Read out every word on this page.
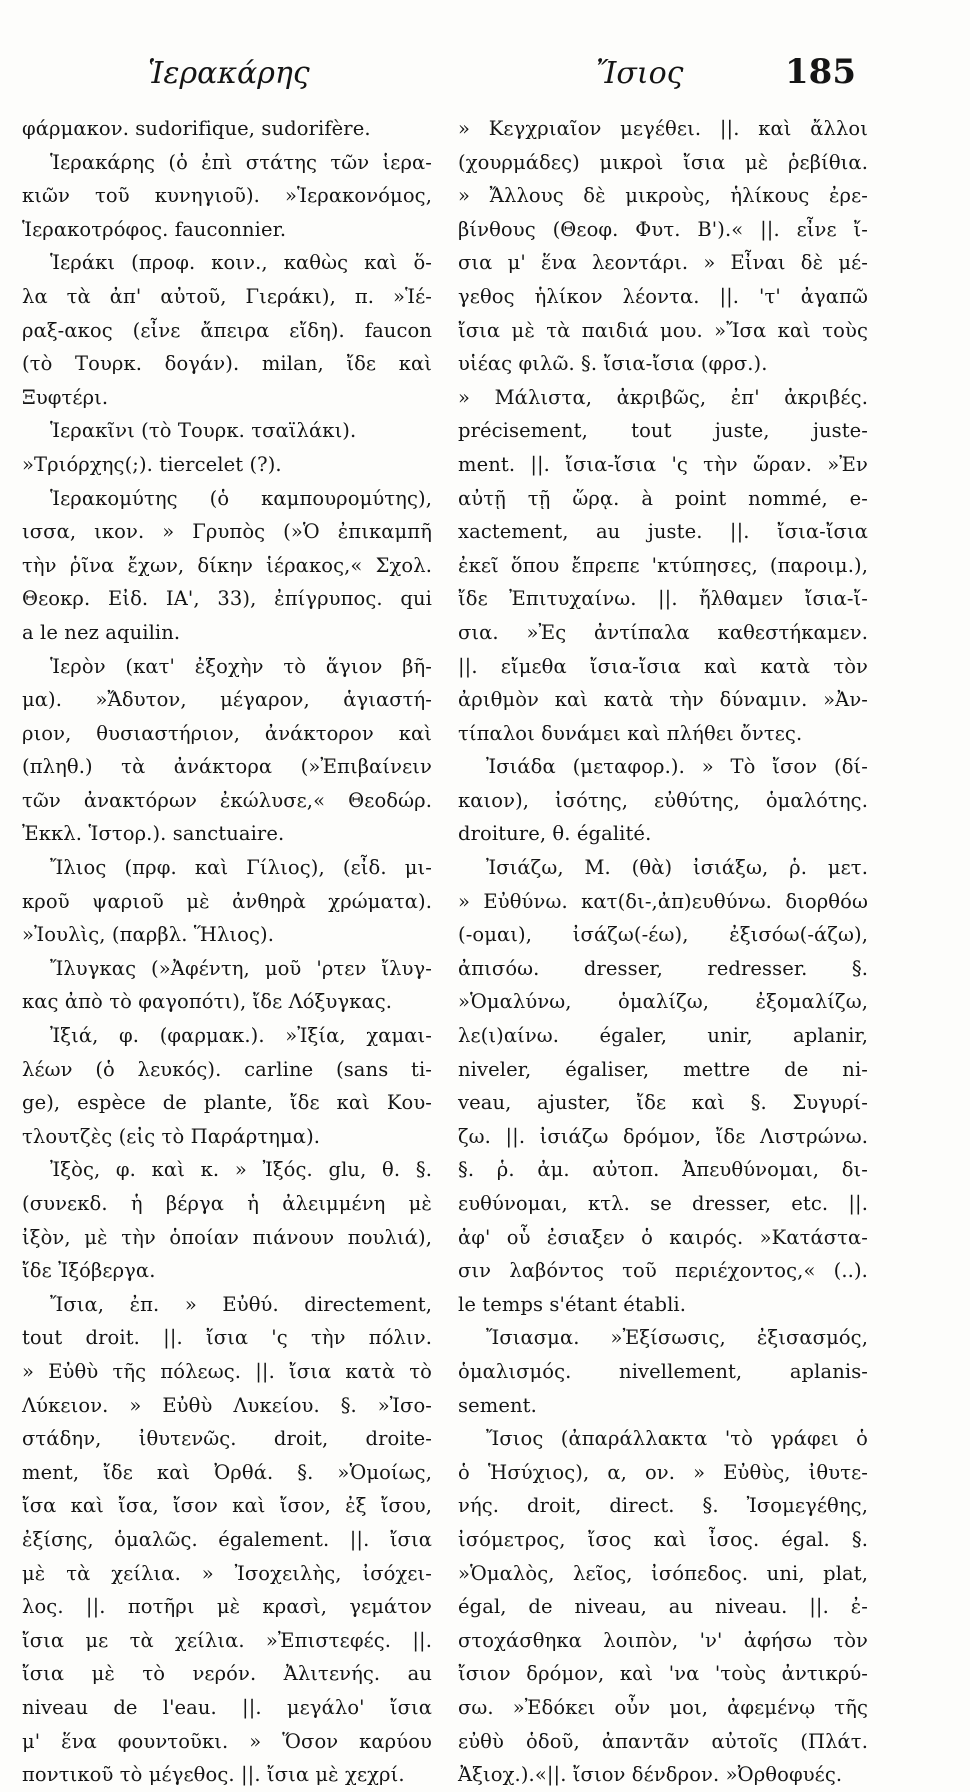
Ἱερακάρης	Ἴσιος	185
φάρμακον. sudorifique, sudorifère.
Ἱερακάρης (ὁ ἐπὶ στάτης τῶν ἱερα-
κιῶν τοῦ κυνηγιοῦ). »Ἱερακονόμος,
Ἱερακοτρόφος. fauconnier.
Ἱεράκι (προφ. κοιν., καθὼς καὶ ὅ-
λα τὰ ἀπ' αὐτοῦ, Γιεράκι), π. »Ἱέ-
ραξ-ακος (εἶνε ἄπειρα εἴδη). faucon
(τὸ Τουρκ. δογάν). milan, ἴδε καὶ
Ξυφτέρι.
Ἱερακῖνι (τὸ Τουρκ. τσαϊλάκι).
»Τριόρχης(;). tiercelet (?).
Ἱερακομύτης (ὁ καμπουρομύτης),
ισσα, ικον. » Γρυπὸς (»Ὁ ἐπικαμπῆ
τὴν ῥῖνα ἔχων, δίκην ἱέρακος,« Σχολ.
Θεοκρ. Εἰδ. ΙΑ', 33), ἐπίγρυπος. qui
a le nez aquilin.
Ἱερὸν (κατ' ἐξοχὴν τὸ ἅγιον βῆ-
μα). »Ἄδυτον, μέγαρον, ἁγιαστή-
ριον, θυσιαστήριον, ἀνάκτορον καὶ
(πληθ.) τὰ ἀνάκτορα (»Ἐπιβαίνειν
τῶν ἀνακτόρων ἐκώλυσε,« Θεοδώρ.
Ἐκκλ. Ἱστορ.). sanctuaire.
Ἴλιος (πρφ. καὶ Γίλιος), (εἶδ. μι-
κροῦ ψαριοῦ μὲ ἀνθηρὰ χρώματα).
»Ἰουλὶς, (παρβλ. Ἥλιος).
Ἴλυγκας (»Ἀφέντη, μοῦ 'ρτεν ἴλυγ-
κας ἀπὸ τὸ φαγοπότι), ἴδε Λόξυγκας.
Ἰξιά, φ. (φαρμακ.). »Ἰξία, χαμαι-
λέων (ὁ λευκός). carline (sans ti-
ge), espèce de plante, ἴδε καὶ Κου-
τλουτζὲς (εἰς τὸ Παράρτημα).
Ἰξὸς, φ. καὶ κ. » Ἰξός. glu, θ. §.
(συνεκδ. ἡ βέργα ἡ ἀλειμμένη μὲ
ἰξὸν, μὲ τὴν ὁποίαν πιάνουν πουλιά),
ἴδε Ἰξόβεργα.
Ἴσια, ἐπ. » Εὐθύ. directement,
tout droit. ||. ἴσια 'ς τὴν πόλιν.
» Εὐθὺ τῆς πόλεως. ||. ἴσια κατὰ τὸ
Λύκειον. » Εὐθὺ Λυκείου. §. »Ἰσο-
στάδην, ἰθυτενῶς. droit, droite-
ment, ἴδε καὶ Ὀρθά. §. »Ὁμοίως,
ἴσα καὶ ἴσα, ἴσον καὶ ἴσον, ἐξ ἴσου,
ἐξίσης, ὁμαλῶς. également. ||. ἴσια
μὲ τὰ χείλια. » Ἰσοχειλὴς, ἰσόχει-
λος. ||. ποτῆρι μὲ κρασὶ, γεμάτον
ἴσια με τὰ χείλια. »Ἐπιστεφές. ||.
ἴσια μὲ τὸ νερόν. Ἀλιτενής. au
niveau de l'eau. ||. μεγάλο' ἴσια
μ' ἕνα φουντοῦκι. » Ὅσον καρύου
ποντικοῦ τὸ μέγεθος. ||. ἴσια μὲ χεχρί.
» Κεγχριαῖον μεγέθει. ||. καὶ ἄλλοι
(χουρμάδες) μικροὶ ἴσια μὲ ῥεβίθια.
» Ἄλλους δὲ μικροὺς, ἡλίκους ἐρε-
βίνθους (Θεοφ. Φυτ. Β').« ||. εἶνε ἴ-
σια μ' ἕνα λεοντάρι. » Εἶναι δὲ μέ-
γεθος ἡλίκον λέοντα. ||. 'τ' ἀγαπῶ
ἴσια μὲ τὰ παιδιά μου. »Ἴσα καὶ τοὺς
υἱέας φιλῶ. §. ἴσια-ἴσια (φρσ.).
» Μάλιστα, ἀκριβῶς, ἐπ' ἀκριβές.
précisement, tout juste, juste-
ment. ||. ἴσια-ἴσια 'ς τὴν ὥραν. »Ἐν
αὐτῇ τῇ ὥρᾳ. à point nommé, e-
xactement, au juste. ||. ἴσια-ἴσια
ἐκεῖ ὅπου ἔπρεπε 'κτύπησες, (παροιμ.),
ἴδε Ἐπιτυχαίνω. ||. ἤλθαμεν ἴσια-ἴ-
σια. »Ἐς ἀντίπαλα καθεστήκαμεν.
||. εἴμεθα ἴσια-ἴσια καὶ κατὰ τὸν
ἀριθμὸν καὶ κατὰ τὴν δύναμιν. »Ἀν-
τίπαλοι δυνάμει καὶ πλήθει ὄντες.
Ἰσιάδα (μεταφορ.). » Τὸ ἴσον (δί-
καιον), ἰσότης, εὐθύτης, ὁμαλότης.
droiture, θ. égalité.
Ἰσιάζω, Μ. (θὰ) ἰσιάξω, ῥ. μετ.
» Εὐθύνω. κατ(δι-,ἀπ)ευθύνω. διορθόω
(-ομαι), ἰσάζω(-έω), ἐξισόω(-άζω),
ἀπισόω. dresser, redresser. §.
»Ὁμαλύνω, ὁμαλίζω, ἐξομαλίζω,
λε(ι)αίνω. égaler, unir, aplanir,
niveler, égaliser, mettre de ni-
veau, ajuster, ἴδε καὶ §. Συγυρί-
ζω. ||. ἰσιάζω δρόμον, ἴδε Λιστρώνω.
§. ῥ. ἀμ. αὐτοπ. Ἀπευθύνομαι, δι-
ευθύνομαι, κτλ. se dresser, etc. ||.
ἀφ' οὗ ἐσιαξεν ὁ καιρός. »Κατάστα-
σιν λαβόντος τοῦ περιέχοντος,« (..).
le temps s'étant établi.
Ἴσιασμα. »Ἐξίσωσις, ἐξισασμός,
ὁμαλισμός. nivellement, aplanis-
sement.
Ἴσιος (ἀπαράλλακτα 'τὸ γράφει ὁ
ὁ Ἡσύχιος), α, ον. » Εὐθὺς, ἰθυτε-
νής. droit, direct. §. Ἰσομεγέθης,
ἰσόμετρος, ἴσος καὶ ἶσος. égal. §.
»Ὁμαλὸς, λεῖος, ἰσόπεδος. uni, plat,
égal, de niveau, au niveau. ||. ἐ-
στοχάσθηκα λοιπὸν, 'ν' ἀφήσω τὸν
ἴσιον δρόμον, καὶ 'να 'τοὺς ἀντικρύ-
σω. »Ἐδόκει οὖν μοι, ἀφεμένῳ τῆς
εὐθὺ ὁδοῦ, ἀπαντᾶν αὐτοῖς (Πλάτ.
Ἀξιοχ.).«||. ἴσιον δένδρον. »Ὀρθοφυές.
